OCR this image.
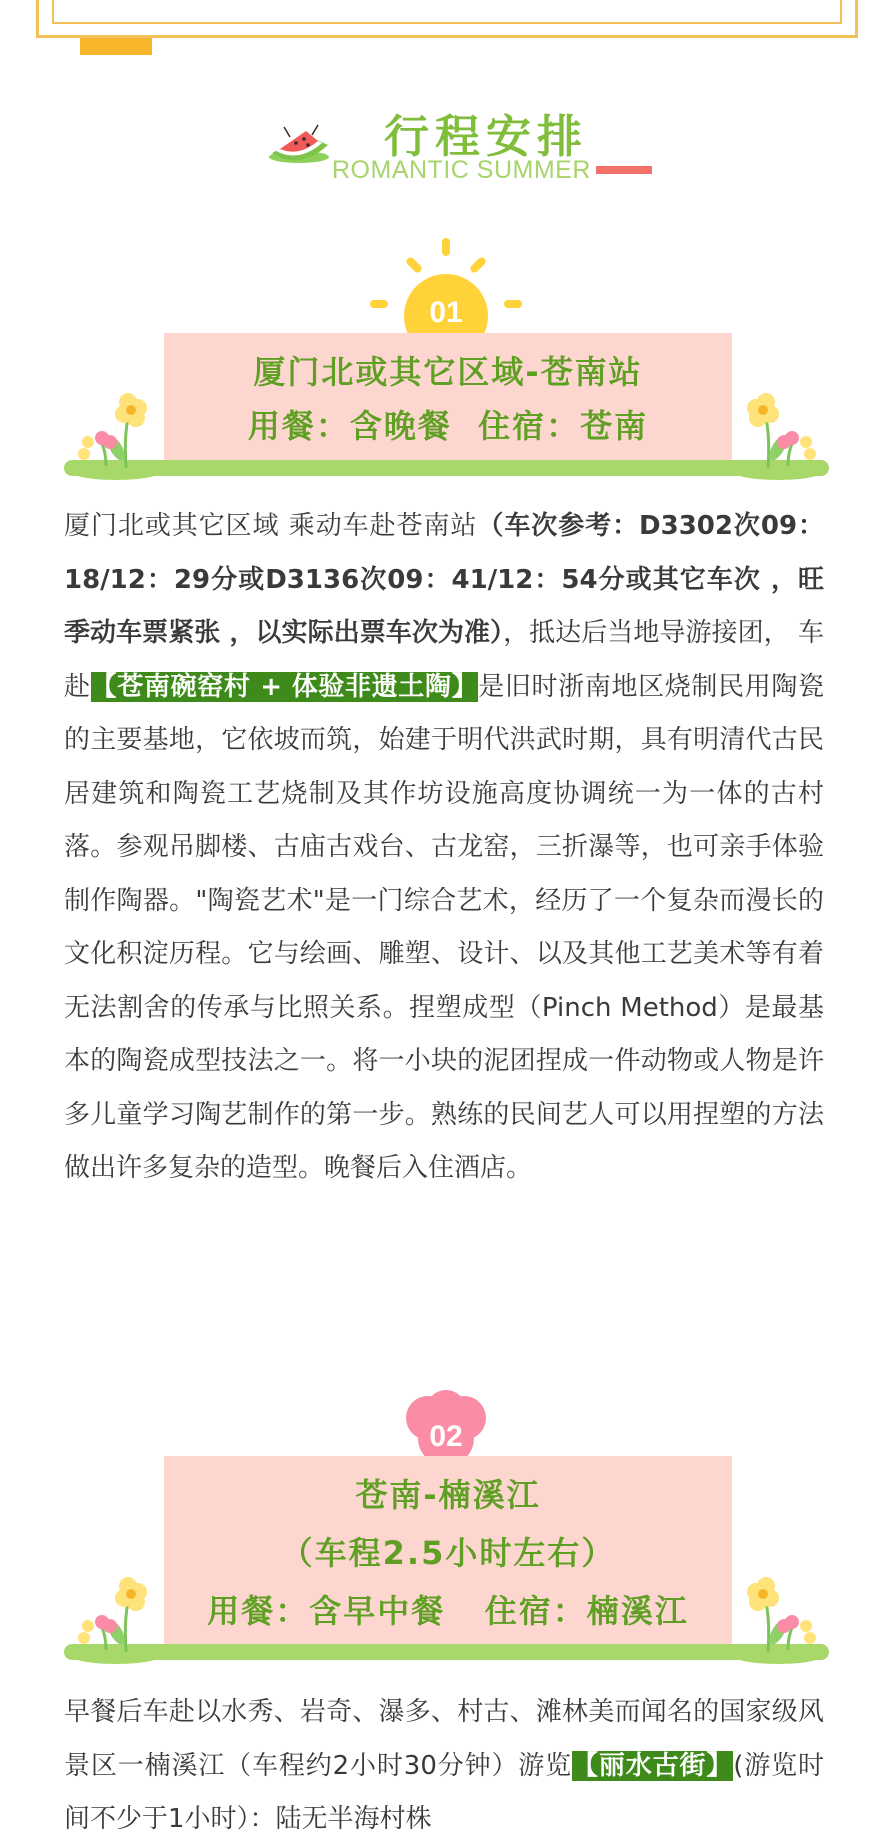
行程安排
ROMANTIC SUMMER
01
厦门北或其它区域-苍南站
用餐：含晚餐  住宿：苍南
厦门北或其它区域 乘动车赴苍南站（车次参考：D3302次09：18/12：29分或D3136次09：41/12：54分或其它车次 ，旺季动车票紧张 ，以实际出票车次为准），抵达后当地导游接团， 车赴【苍南碗窑村 + 体验非遗土陶】是旧时浙南地区烧制民用陶瓷的主要基地，它依坡而筑，始建于明代洪武时期，具有明清代古民居建筑和陶瓷工艺烧制及其作坊设施高度协调统一为一体的古村落。参观吊脚楼、古庙古戏台、古龙窑，三折瀑等，也可亲手体验制作陶器。"陶瓷艺术"是一门综合艺术，经历了一个复杂而漫长的文化积淀历程。它与绘画、雕塑、设计、以及其他工艺美术等有着无法割舍的传承与比照关系。捏塑成型（Pinch Method）是最基本的陶瓷成型技法之一。将一小块的泥团捏成一件动物或人物是许多儿童学习陶艺制作的第一步。熟练的民间艺人可以用捏塑的方法做出许多复杂的造型。晚餐后入住酒店。
02
苍南-楠溪江
（车程2.5小时左右）
用餐：含早中餐   住宿：楠溪江
早餐后车赴以水秀、岩奇、瀑多、村古、滩林美而闻名的国家级风景区一楠溪江（车程约2小时30分钟）游览【丽水古街】(游览时间不少于1小时）：陆无半海村株
